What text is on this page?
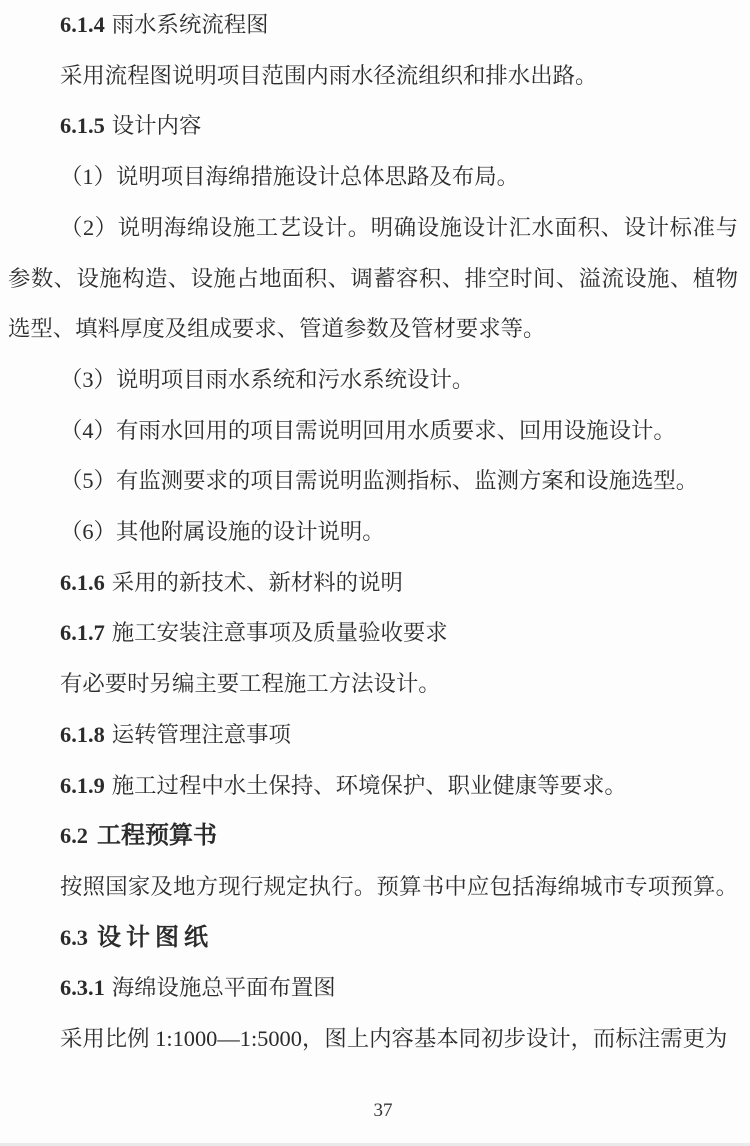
6.1.4 雨水系统流程图

采用流程图说明项目范围内雨水径流组织和排水出路。

6.1.5 设计内容

（1）说明项目海绵措施设计总体思路及布局。

（2）说明海绵设施工艺设计。明确设施设计汇水面积、设计标准与

参数、设施构造、设施占地面积、调蓄容积、排空时间、溢流设施、植物

选型、填料厚度及组成要求、管道参数及管材要求等。

（3）说明项目雨水系统和污水系统设计。

（4）有雨水回用的项目需说明回用水质要求、回用设施设计。

（5）有监测要求的项目需说明监测指标、监测方案和设施选型。

（6）其他附属设施的设计说明。

6.1.6 采用的新技术、新材料的说明

6.1.7 施工安装注意事项及质量验收要求

有必要时另编主要工程施工方法设计。

6.1.8 运转管理注意事项

6.1.9 施工过程中水土保持、环境保护、职业健康等要求。

6.2 工程预算书

按照国家及地方现行规定执行。预算书中应包括海绵城市专项预算。

6.3 设计图纸

6.3.1 海绵设施总平面布置图

采用比例 1:1000—1:5000，图上内容基本同初步设计，而标注需更为

37
